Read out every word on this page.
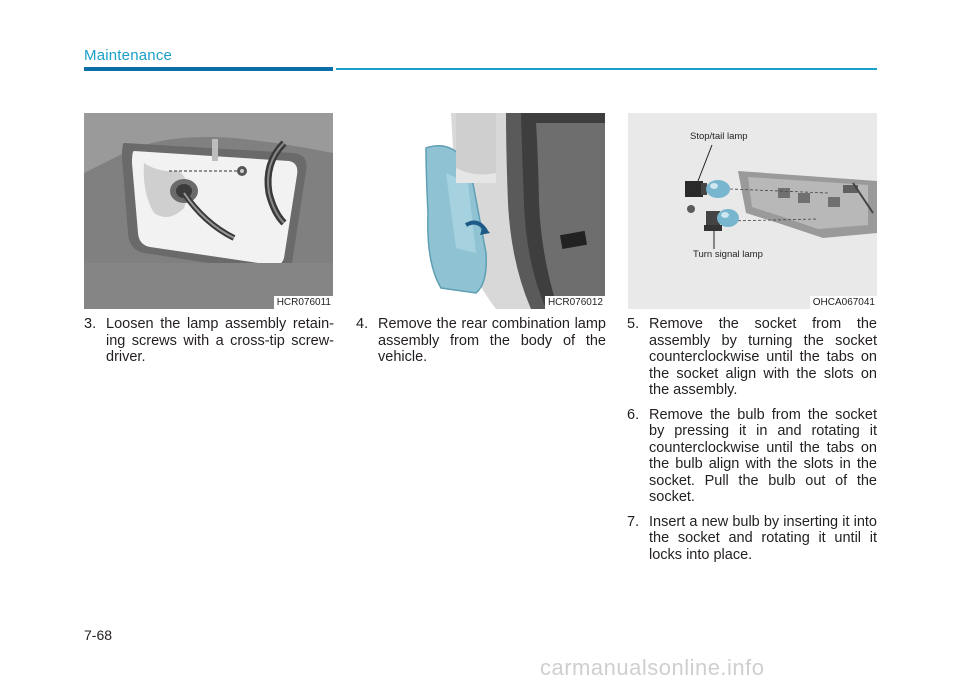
Maintenance
HCR076011	HCR076012
Stop/tail lamp
Turn signal lamp
OHCA067041
3. Loosen the lamp assembly retain-ing screws with a cross-tip screw-driver.
4. Remove the rear combination lamp assembly from the body of the vehicle.
5. Remove the socket from the assembly by turning the socket counterclockwise until the tabs on the socket align with the slots on the assembly.
6. Remove the bulb from the socket by pressing it in and rotating it counterclockwise until the tabs on the bulb align with the slots in the socket. Pull the bulb out of the socket.
7. Insert a new bulb by inserting it into the socket and rotating it until it locks into place.
7-68
carmanualsonline.info
